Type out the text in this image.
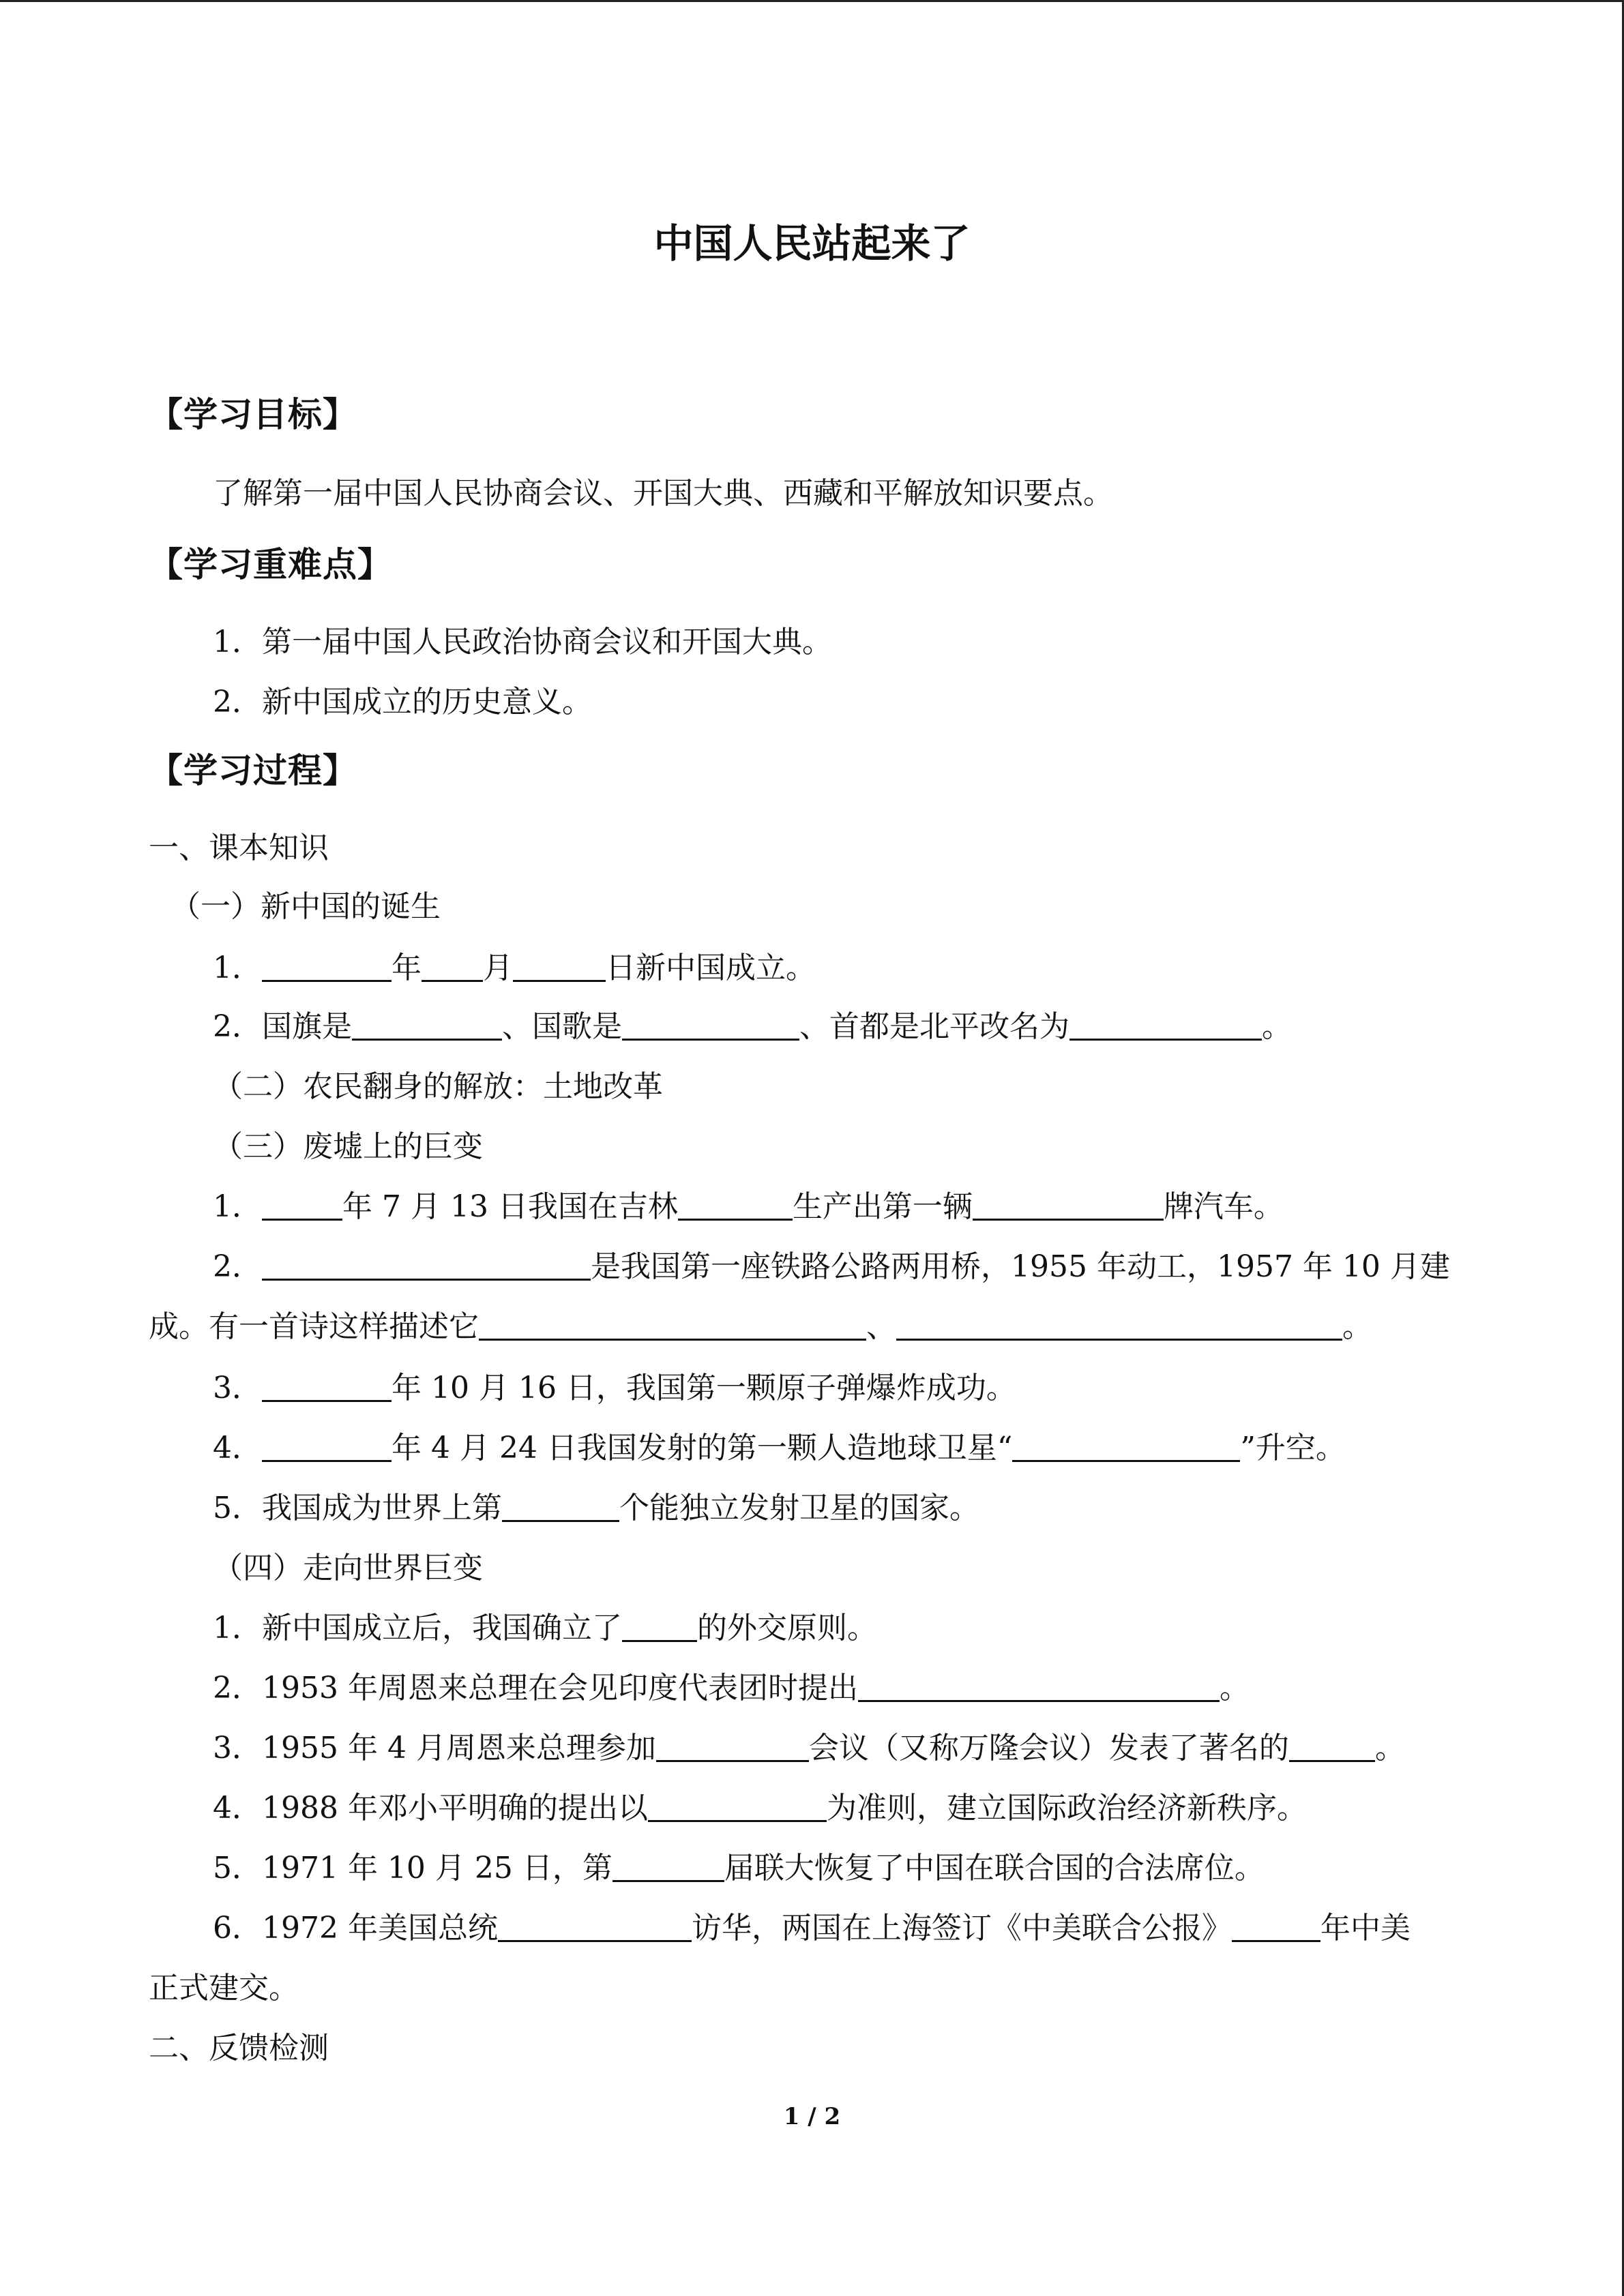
中国人民站起来了
【学习目标】
了解第一届中国人民协商会议、开国大典、西藏和平解放知识要点。
【学习重难点】
1．第一届中国人民政治协商会议和开国大典。
2．新中国成立的历史意义。
【学习过程】
一、课本知识
（一）新中国的诞生
1．	年 月	日新中国成立。
2．国旗是	、国歌是	、首都是北平改名为	。
（二）农民翻身的解放：土地改革
（三）废墟上的巨变
1．	年 7 月 13 日我国在吉林	生产出第一辆	牌汽车。
2．	是我国第一座铁路公路两用桥，1955 年动工，1957 年 10 月建
成。有一首诗这样描述它	、	。
3．	年 10 月 16 日，我国第一颗原子弹爆炸成功。
4．	年 4 月 24 日我国发射的第一颗人造地球卫星“	”升空。
5．我国成为世界上第	个能独立发射卫星的国家。
（四）走向世界巨变
1．新中国成立后，我国确立了	的外交原则。
2．1953 年周恩来总理在会见印度代表团时提出	。
3．1955 年 4 月周恩来总理参加	会议（又称万隆会议）发表了著名的	。
4．1988 年邓小平明确的提出以	为准则，建立国际政治经济新秩序。
5．1971 年 10 月 25 日，第	届联大恢复了中国在联合国的合法席位。
6．1972 年美国总统	访华，两国在上海签订《中美联合公报》	年中美
正式建交。
二、反馈检测
1 / 2
